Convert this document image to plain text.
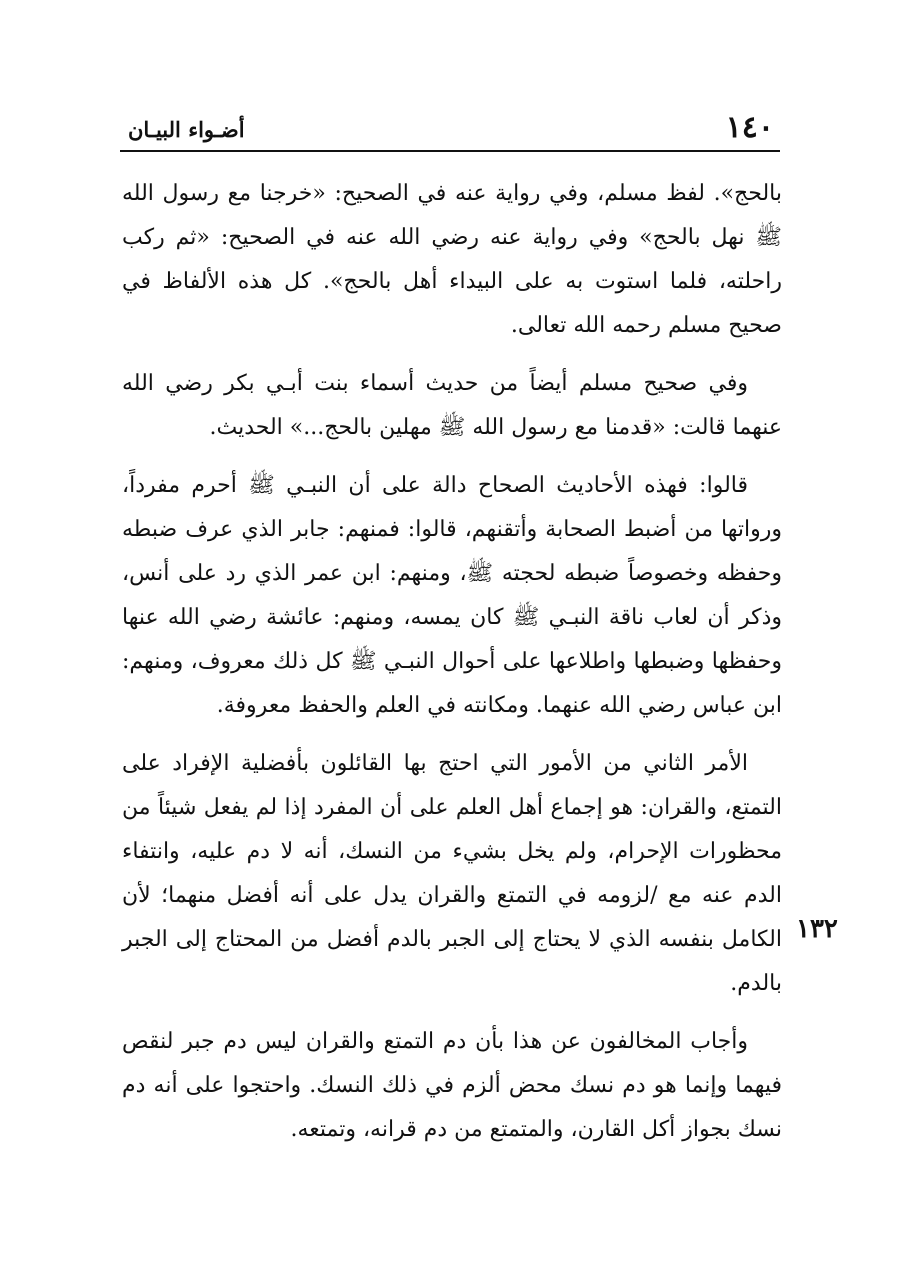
١٤٠
أضـواء البيـان

بالحج». لفظ مسلم، وفي رواية عنه في الصحيح: «خرجنا مع رسول الله ﷺ نهل بالحج» وفي رواية عنه رضي الله عنه في الصحيح: «ثم ركب راحلته، فلما استوت به على البيداء أهل بالحج». كل هذه الألفاظ في صحيح مسلم رحمه الله تعالى.

وفي صحيح مسلم أيضاً من حديث أسماء بنت أبـي بكر رضي الله عنهما قالت: «قدمنا مع رسول الله ﷺ مهلين بالحج...» الحديث.

قالوا: فهذه الأحاديث الصحاح دالة على أن النبـي ﷺ أحرم مفرداً، ورواتها من أضبط الصحابة وأتقنهم، قالوا: فمنهم: جابر الذي عرف ضبطه وحفظه وخصوصاً ضبطه لحجته ﷺ، ومنهم: ابن عمر الذي رد على أنس، وذكر أن لعاب ناقة النبـي ﷺ كان يمسه، ومنهم: عائشة رضي الله عنها وحفظها وضبطها واطلاعها على أحوال النبـي ﷺ كل ذلك معروف، ومنهم: ابن عباس رضي الله عنهما. ومكانته في العلم والحفظ معروفة.

الأمر الثاني من الأمور التي احتج بها القائلون بأفضلية الإفراد على التمتع، والقران: هو إجماع أهل العلم على أن المفرد إذا لم يفعل شيئاً من محظورات الإحرام، ولم يخل بشيء من النسك، أنه لا دم عليه، وانتفاء الدم عنه مع /لزومه في التمتع والقران يدل على أنه أفضل منهما؛ لأن الكامل بنفسه الذي لا يحتاج إلى الجبر بالدم أفضل من المحتاج إلى الجبر بالدم.

وأجاب المخالفون عن هذا بأن دم التمتع والقران ليس دم جبر لنقص فيهما وإنما هو دم نسك محض ألزم في ذلك النسك. واحتجوا على أنه دم نسك بجواز أكل القارن، والمتمتع من دم قرانه، وتمتعه.

١٣٢
